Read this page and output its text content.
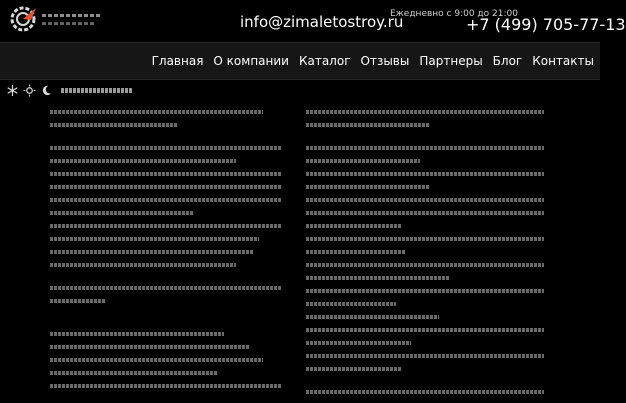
info@zimaletostroy.ru
Ежедневно с 9:00 до 21:00
+7 (499) 705-77-13
Главная О компании Каталог Отзывы Партнеры Блог Контакты
